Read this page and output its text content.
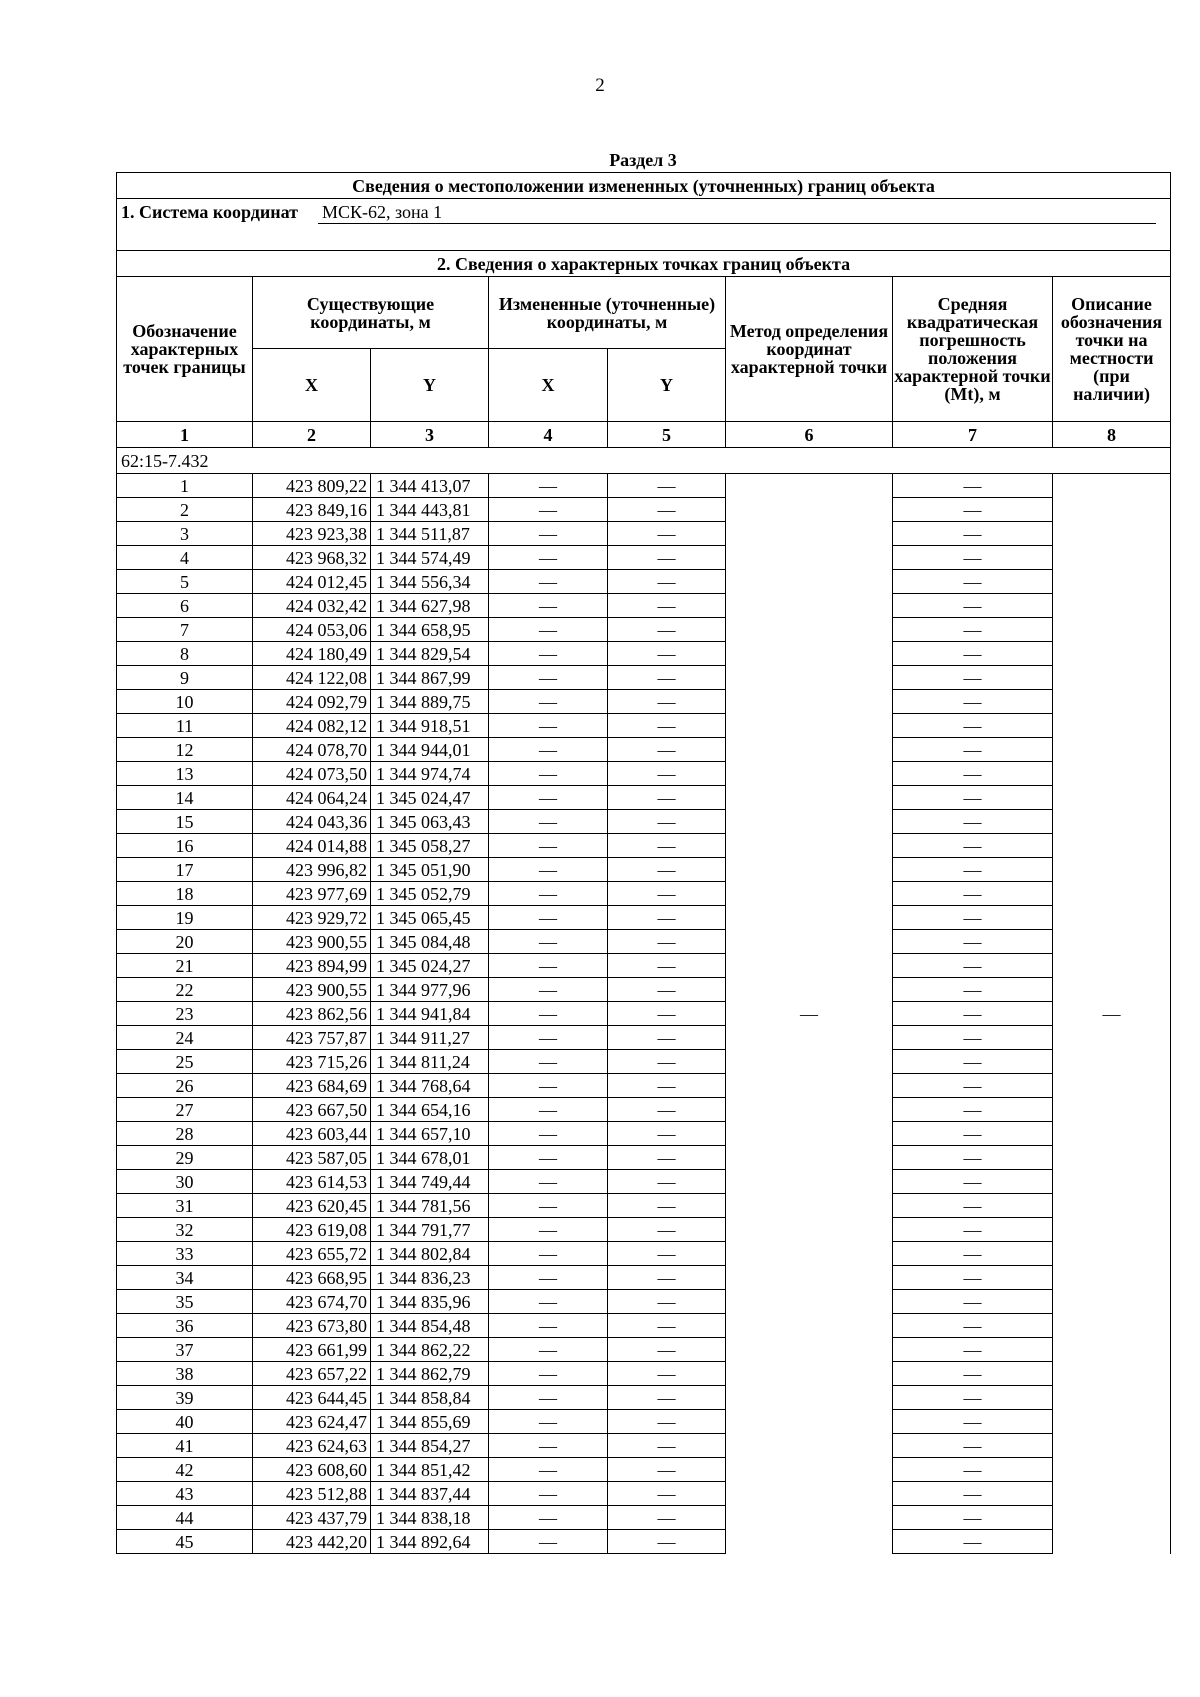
2
Раздел 3
Сведения о местоположении измененных (уточненных) границ объекта							

1. Система координат МСК-62, зона 1							

2. Сведения о характерных точках границ объекта							
Обозначение характерных точек границы	Существующие координаты, м		Измененные (уточненные) координаты, м		Метод определения координат характерной точки	Средняя квадратическая погрешность положения характерной точки (Mt), м	Описание обозначения точки на местности (при наличии)
	X	Y	X	Y			
1	2	3	4	5	6	7	8
62:15-7.432							
1	423 809,22	1 344 413,07	—	—	—	—	—
2	423 849,16	1 344 443,81	—	—		—	
3	423 923,38	1 344 511,87	—	—		—	
4	423 968,32	1 344 574,49	—	—		—	
5	424 012,45	1 344 556,34	—	—		—	
6	424 032,42	1 344 627,98	—	—		—	
7	424 053,06	1 344 658,95	—	—		—	
8	424 180,49	1 344 829,54	—	—		—	
9	424 122,08	1 344 867,99	—	—		—	
10	424 092,79	1 344 889,75	—	—		—	
11	424 082,12	1 344 918,51	—	—		—	
12	424 078,70	1 344 944,01	—	—		—	
13	424 073,50	1 344 974,74	—	—		—	
14	424 064,24	1 345 024,47	—	—		—	
15	424 043,36	1 345 063,43	—	—		—	
16	424 014,88	1 345 058,27	—	—		—	
17	423 996,82	1 345 051,90	—	—		—	
18	423 977,69	1 345 052,79	—	—		—	
19	423 929,72	1 345 065,45	—	—		—	
20	423 900,55	1 345 084,48	—	—		—	
21	423 894,99	1 345 024,27	—	—		—	
22	423 900,55	1 344 977,96	—	—		—	
23	423 862,56	1 344 941,84	—	—		—	
24	423 757,87	1 344 911,27	—	—		—	
25	423 715,26	1 344 811,24	—	—		—	
26	423 684,69	1 344 768,64	—	—		—	
27	423 667,50	1 344 654,16	—	—		—	
28	423 603,44	1 344 657,10	—	—		—	
29	423 587,05	1 344 678,01	—	—		—	
30	423 614,53	1 344 749,44	—	—		—	
31	423 620,45	1 344 781,56	—	—		—	
32	423 619,08	1 344 791,77	—	—		—	
33	423 655,72	1 344 802,84	—	—		—	
34	423 668,95	1 344 836,23	—	—		—	
35	423 674,70	1 344 835,96	—	—		—	
36	423 673,80	1 344 854,48	—	—		—	
37	423 661,99	1 344 862,22	—	—		—	
38	423 657,22	1 344 862,79	—	—		—	
39	423 644,45	1 344 858,84	—	—		—	
40	423 624,47	1 344 855,69	—	—		—	
41	423 624,63	1 344 854,27	—	—		—	
42	423 608,60	1 344 851,42	—	—		—	
43	423 512,88	1 344 837,44	—	—		—	
44	423 437,79	1 344 838,18	—	—		—	
45	423 442,20	1 344 892,64	—	—		—	
